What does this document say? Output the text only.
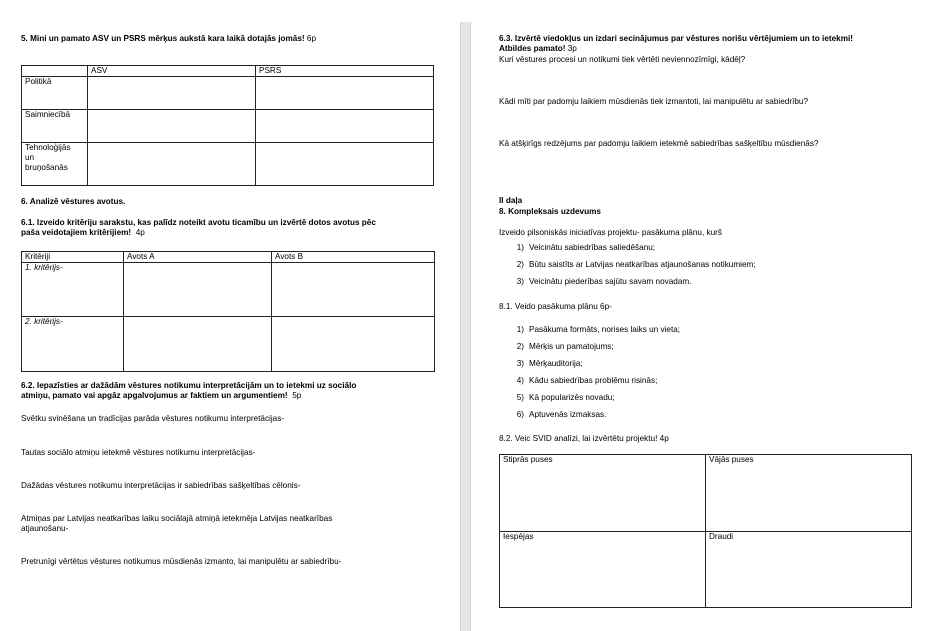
5. Mini un pamato ASV un PSRS mērķus aukstā kara laikā dotajās jomās! 6p
	ASV	PSRS
Politikā		
Saimniecībā		

Tehnoloģijās
un
bruņošanās		

6. Analizē vēstures avotus.
6.1. Izveido kritēriju sarakstu, kas palīdz noteikt avotu ticamību un izvērtē dotos avotus pēc
paša veidotajiem kritērijiem! 4p
Kritēriji	Avots A	Avots B
1. kritērijs-		
2. kritērijs-		
6.2. Iepazīsties ar dažādām vēstures notikumu interpretācijām un to ietekmi uz sociālo
atmiņu, pamato vai apgāz apgalvojumus ar faktiem un argumentiem! 5p
Svētku svinēšana un tradīcijas parāda vēstures notikumu interpretācijas-
Tautas sociālo atmiņu ietekmē vēstures notikumu interpretācijas-
Dažādas vēstures notikumu interpretācijas ir sabiedrības sašķeltības cēlonis-
Atmiņas par Latvijas neatkarības laiku sociālajā atmiņā ietekmēja Latvijas neatkarības
atjaunošanu-
Pretrunīgi vērtētus vēstures notikumus mūsdienās izmanto, lai manipulētu ar sabiedrību-
6.3. Izvērtē viedokļus un izdari secinājumus par vēstures norišu vērtējumiem un to ietekmi!
Atbildes pamato! 3p
Kuri vēstures procesi un notikumi tiek vērtēti neviennozīmīgi, kādēļ?
Kādi mīti par padomju laikiem mūsdienās tiek izmantoti, lai manipulētu ar sabiedrību?
Kā atšķirīgs redzējums par padomju laikiem ietekmē sabiedrības sašķeltību mūsdienās?
II daļa
8. Kompleksais uzdevums
Izveido pilsoniskās iniciatīvas projektu- pasākuma plānu, kurš
1) Veicinātu sabiedrības saliedēšanu;
2) Būtu saistīts ar Latvijas neatkarības atjaunošanas notikumiem;
3) Veicinātu piederības sajūtu savam novadam.
8.1. Veido pasākuma plānu 6p-
1) Pasākuma formāts, norises laiks un vieta;
2) Mērķis un pamatojums;
3) Mērķauditorija;
4) Kādu sabiedrības problēmu risinās;
5) Kā popularizēs novadu;
6) Aptuvenās izmaksas.
8.2. Veic SVID analīzi, lai izvērtētu projektu! 4p
Stiprās puses	Vājās puses
Iespējas	Draudi
